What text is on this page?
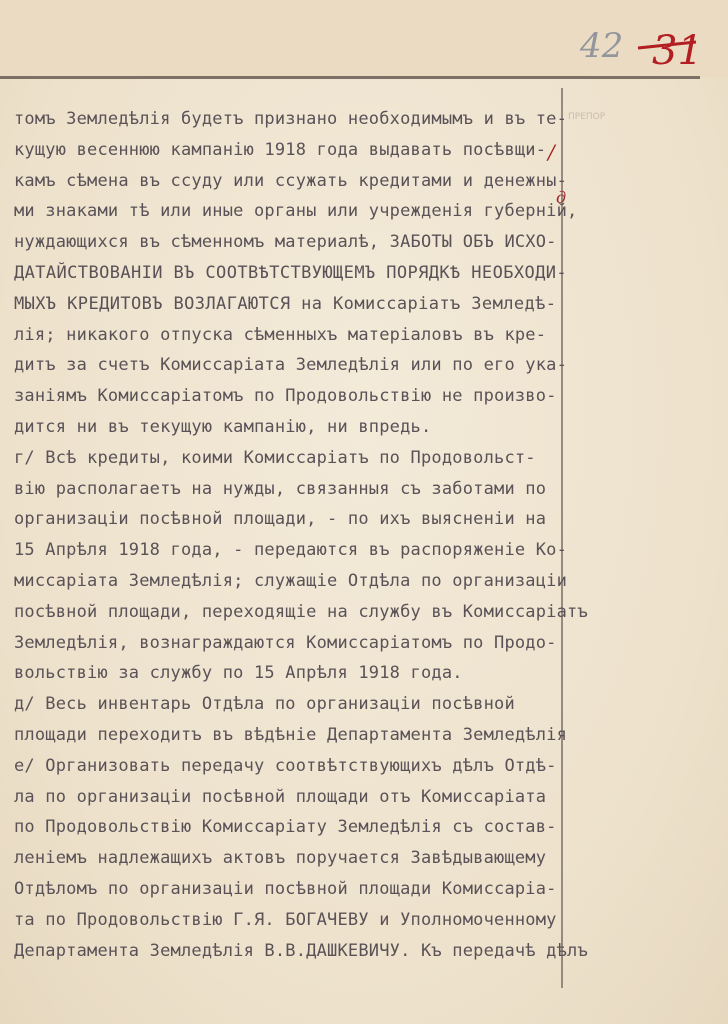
42 31
ПРЕПОР
/
д
томъ Земледѣлія будетъ признано необходимымъ и въ те-
кущую весеннюю кампанію 1918 года выдавать посѣвщи-
камъ сѣмена въ ссуду или ссужать кредитами и денежны-
ми знаками тѣ или иные органы или учрежденія губерній,
нуждающихся въ сѣменномъ материалѣ, ЗАБОТЫ ОБЪ ИСХО-
ДАТАЙСТВОВАНІИ ВЪ СООТВѢТСТВУЮЩЕМЪ ПОРЯДКѢ НЕОБХОДИ-
МЫХЪ КРЕДИТОВЪ ВОЗЛАГАЮТСЯ на Комиссаріатъ Земледѣ-
лія; никакого отпуска сѣменныхъ матеріаловъ въ кре-
дитъ за счетъ Комиссаріата Земледѣлія или по его ука-
заніямъ Комиссаріатомъ по Продовольствію не произво-
дится ни въ текущую кампанію, ни впредь.
г/ Всѣ кредиты, коими Комиссаріатъ по Продовольст-
вію располагаетъ на нужды, связанныя съ заботами по
организаціи посѣвной площади, - по ихъ выясненіи на
15 Апрѣля 1918 года, - передаются въ распоряженіе Ко-
миссаріата Земледѣлія; служащіе Отдѣла по организаціи
посѣвной площади, переходящіе на службу въ Комиссаріатъ
Земледѣлія, вознаграждаются Комиссаріатомъ по Продо-
вольствію за службу по 15 Апрѣля 1918 года.
д/ Весь инвентарь Отдѣла по организаціи посѣвной
площади переходитъ въ вѣдѣніе Департамента Земледѣлія
е/ Организовать передачу соотвѣтствующихъ дѣлъ Отдѣ-
ла по организаціи посѣвной площади отъ Комиссаріата
по Продовольствію Комиссаріату Земледѣлія съ состав-
леніемъ надлежащихъ актовъ поручается Завѣдывающему
Отдѣломъ по организаціи посѣвной площади Комиссаріа-
та по Продовольствію Г.Я. БОГАЧЕВУ и Уполномоченному
Департамента Земледѣлія В.В.ДАШКЕВИЧУ. Къ передачѣ дѣлъ
